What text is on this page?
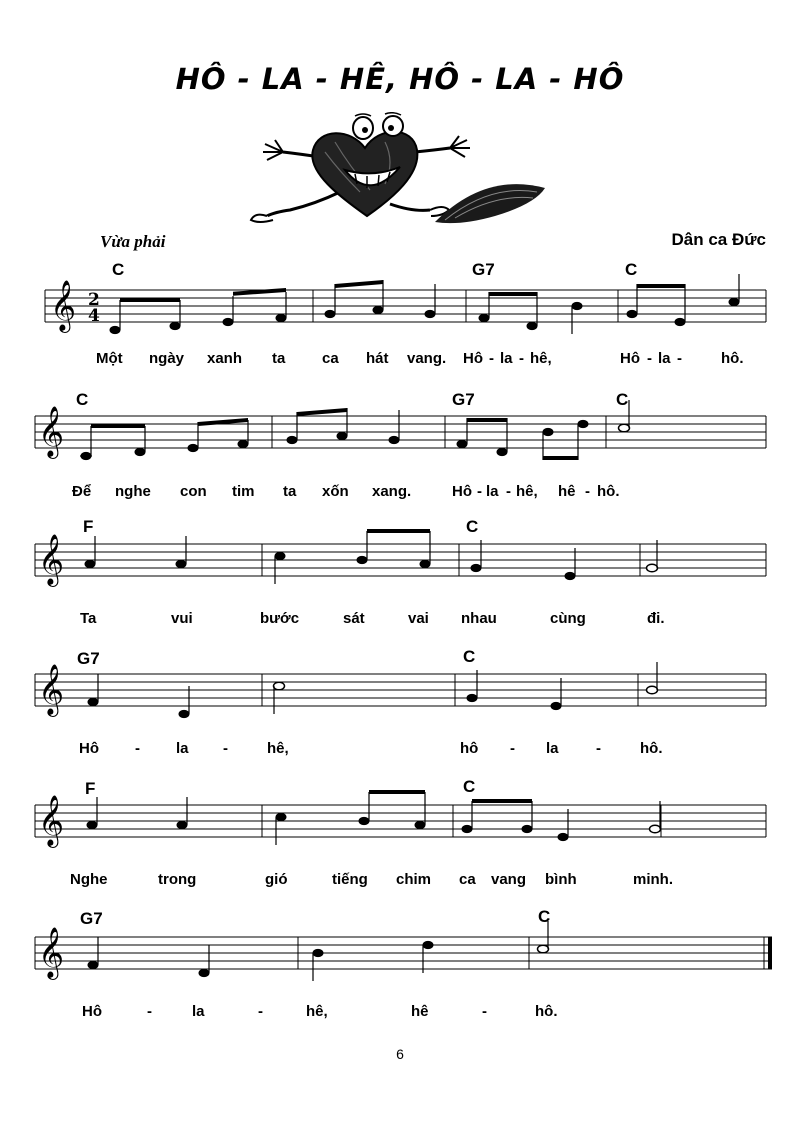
HÔ - LA - HÊ, HÔ - LA - HÔ
Vừa phải	Dân ca Đức
C	G7	C
𝄞 2
4
Một ngày xanh ta ca hát vang. Hô - la - hê,	Hô - la -	hô.
C	G7	C
𝄞
Để nghe con tim ta xốn xang.	Hô - la - hê, hê - hô.
F	C
𝄞
Ta	vui	bước	sát	vai nhau	cùng	đi.
G7	C
𝄞
Hô - la -	hê,	hô - la -	hô.
F	C
𝄞
Nghe	trong	gió	tiếng chim ca vang bình	minh.
G7	C
𝄞
Hô	-	la	-	hê,	hê	-	hô.
6
